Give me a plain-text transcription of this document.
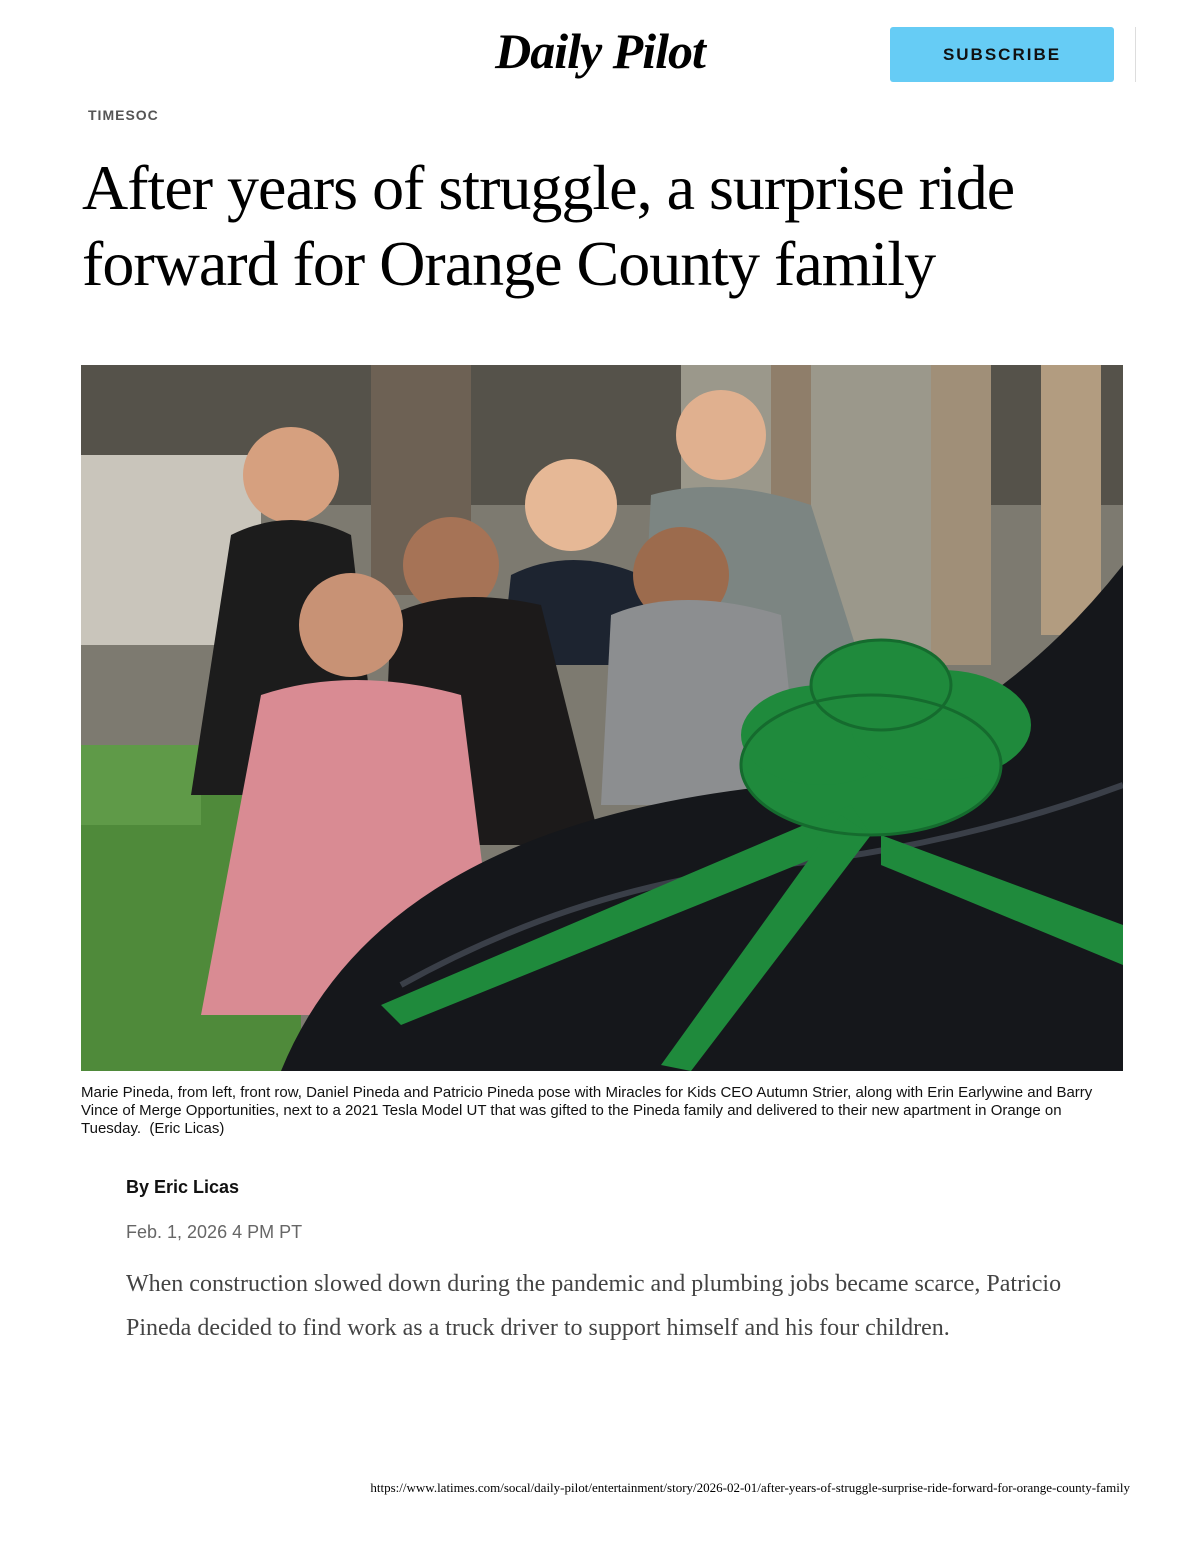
Daily Pilot	SUBSCRIBE
TIMESOC
After years of struggle, a surprise ride forward for Orange County family
Marie Pineda, from left, front row, Daniel Pineda and Patricio Pineda pose with Miracles for Kids CEO Autumn Strier, along with Erin Earlywine and Barry Vince of Merge Opportunities, next to a 2021 Tesla Model UT that was gifted to the Pineda family and delivered to their new apartment in Orange on Tuesday. (Eric Licas)
By Eric Licas
Feb. 1, 2026 4 PM PT

When construction slowed down during the pandemic and plumbing jobs became scarce, Patricio Pineda decided to find work as a truck driver to support himself and his four children.

https://www.latimes.com/socal/daily-pilot/entertainment/story/2026-02-01/after-years-of-struggle-surprise-ride-forward-for-orange-county-family
